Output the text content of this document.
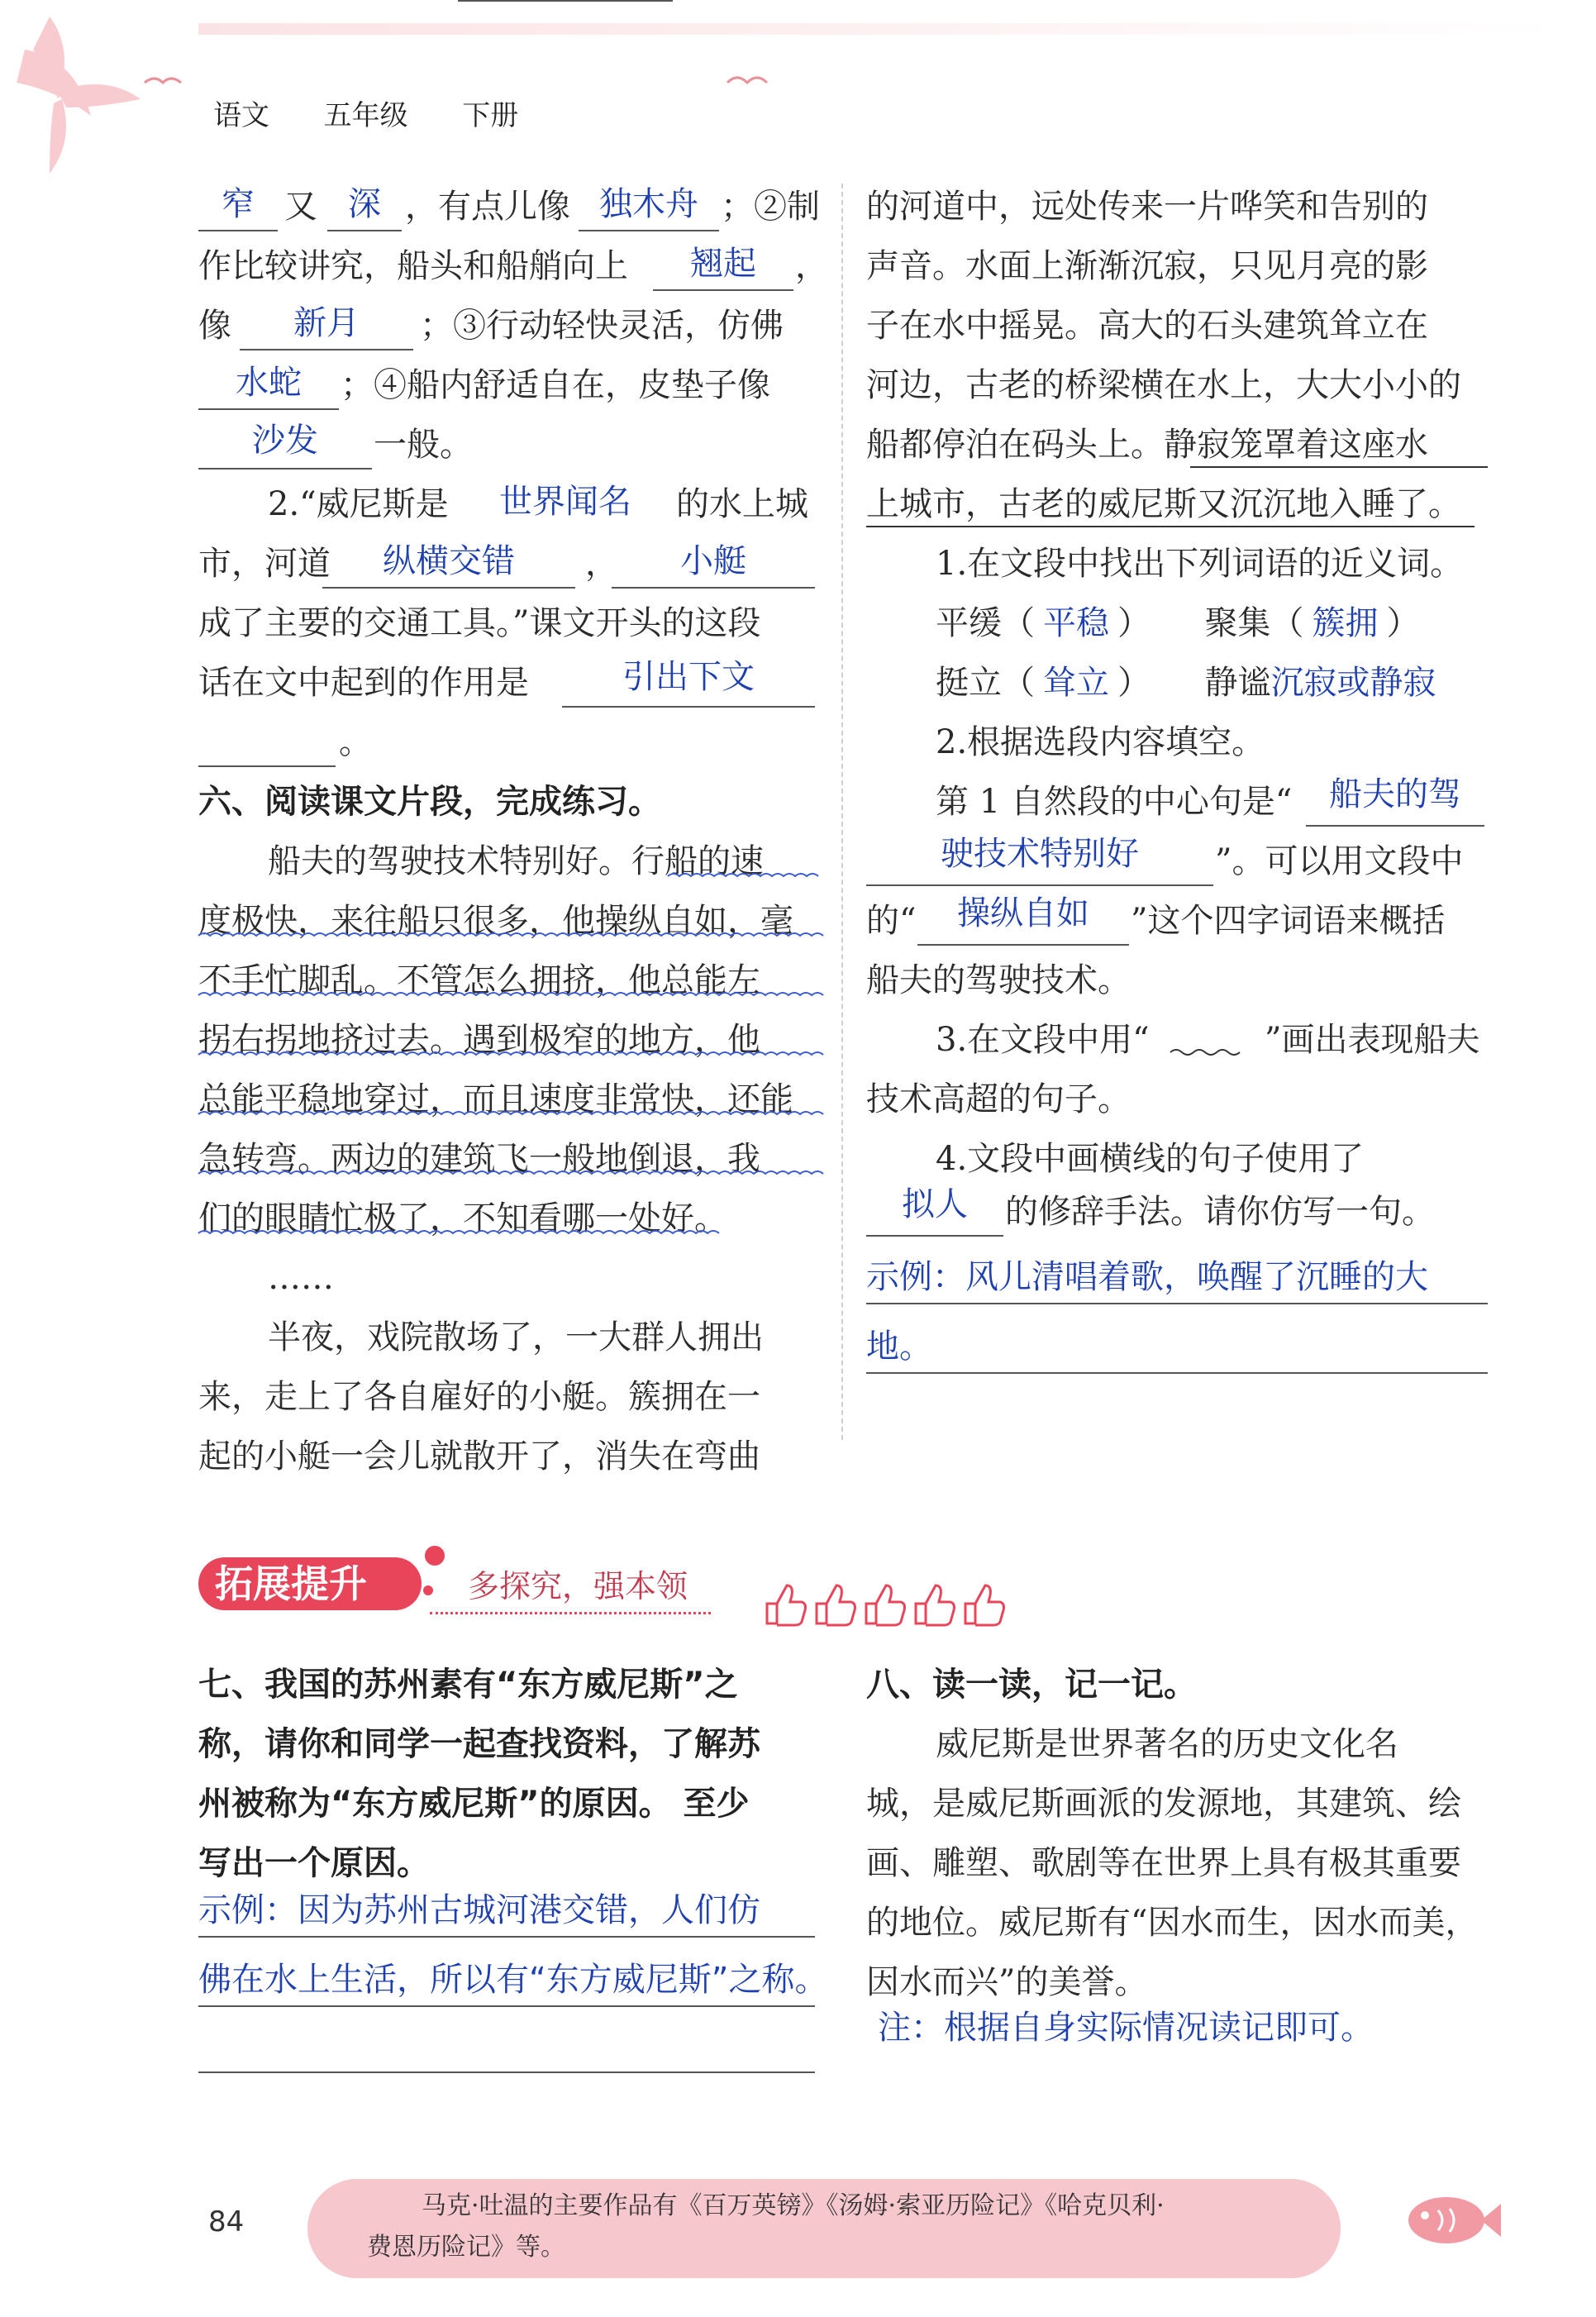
语文 五年级 下册
窄 又 深 ，有点儿像 独木舟 ；②制
作比较讲究，船头和船艄向上	翘起	，
像	新月	；③行动轻快灵活，仿佛
水蛇	；④船内舒适自在，皮垫子像
沙发	一般。
2.“威尼斯是	世界闻名	的水上城
市，河道	纵横交错	，	小艇
成了主要的交通工具。”课文开头的这段
话在文中起到的作用是	引出下文
。
六、阅读课文片段，完成练习。
船夫的驾驶技术特别好。行船的速
度极快，来往船只很多，他操纵自如，毫
不手忙脚乱。不管怎么拥挤，他总能左
拐右拐地挤过去。遇到极窄的地方，他
总能平稳地穿过，而且速度非常快，还能
急转弯。两边的建筑飞一般地倒退，我
们的眼睛忙极了，不知看哪一处好。
……
半夜，戏院散场了，一大群人拥出
来，走上了各自雇好的小艇。簇拥在一
起的小艇一会儿就散开了，消失在弯曲
的河道中，远处传来一片哗笑和告别的
声音。水面上渐渐沉寂，只见月亮的影
子在水中摇晃。高大的石头建筑耸立在
河边，古老的桥梁横在水上，大大小小的
船都停泊在码头上。静寂笼罩着这座水
上城市，古老的威尼斯又沉沉地入睡了。
1.在文段中找出下列词语的近义词。
平缓（ 平稳 ） 聚集（ 簇拥 ）
挺立（ 耸立 ） 静谧沉寂或静寂
2.根据选段内容填空。
第 1 自然段的中心句是“	船夫的驾
驶技术特别好	”。可以用文段中
的“	操纵自如	”这个四字词语来概括
船夫的驾驶技术。
3.在文段中用“	”画出表现船夫
技术高超的句子。
4.文段中画横线的句子使用了
拟人	的修辞手法。请你仿写一句。
示例：风儿清唱着歌，唤醒了沉睡的大
地。
拓展提升	多探究，强本领
七、我国的苏州素有“东方威尼斯”之
称，请你和同学一起查找资料，了解苏
州被称为“东方威尼斯”的原因。 至少
写出一个原因。
示例：因为苏州古城河港交错，人们仿
佛在水上生活，所以有“东方威尼斯”之称。
八、读一读，记一记。
威尼斯是世界著名的历史文化名
城，是威尼斯画派的发源地，其建筑、绘
画、雕塑、歌剧等在世界上具有极其重要
的地位。威尼斯有“因水而生，因水而美，
因水而兴”的美誉。
注：根据自身实际情况读记即可。
84	马克·吐温的主要作品有《百万英镑》《汤姆·索亚历险记》《哈克贝利·
费恩历险记》等。
